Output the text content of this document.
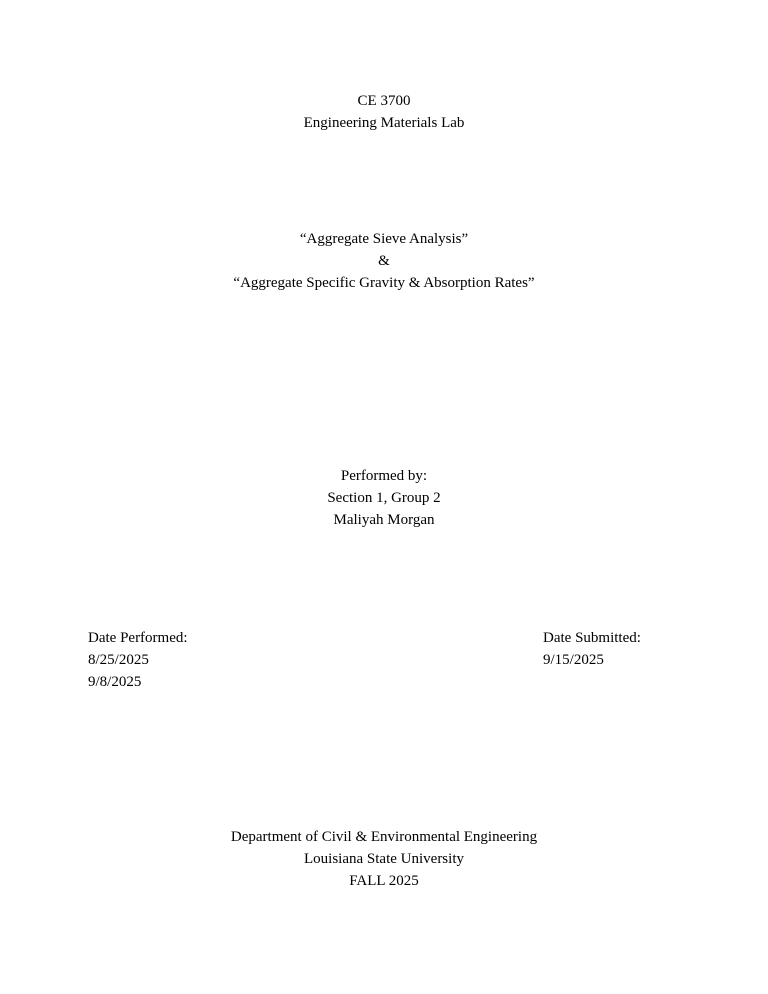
CE 3700
Engineering Materials Lab
“Aggregate Sieve Analysis”
&
“Aggregate Specific Gravity & Absorption Rates”
Performed by:
Section 1, Group 2
Maliyah Morgan
Date Performed:
8/25/2025
9/8/2025
Date Submitted:
9/15/2025
Department of Civil & Environmental Engineering
Louisiana State University
FALL 2025
